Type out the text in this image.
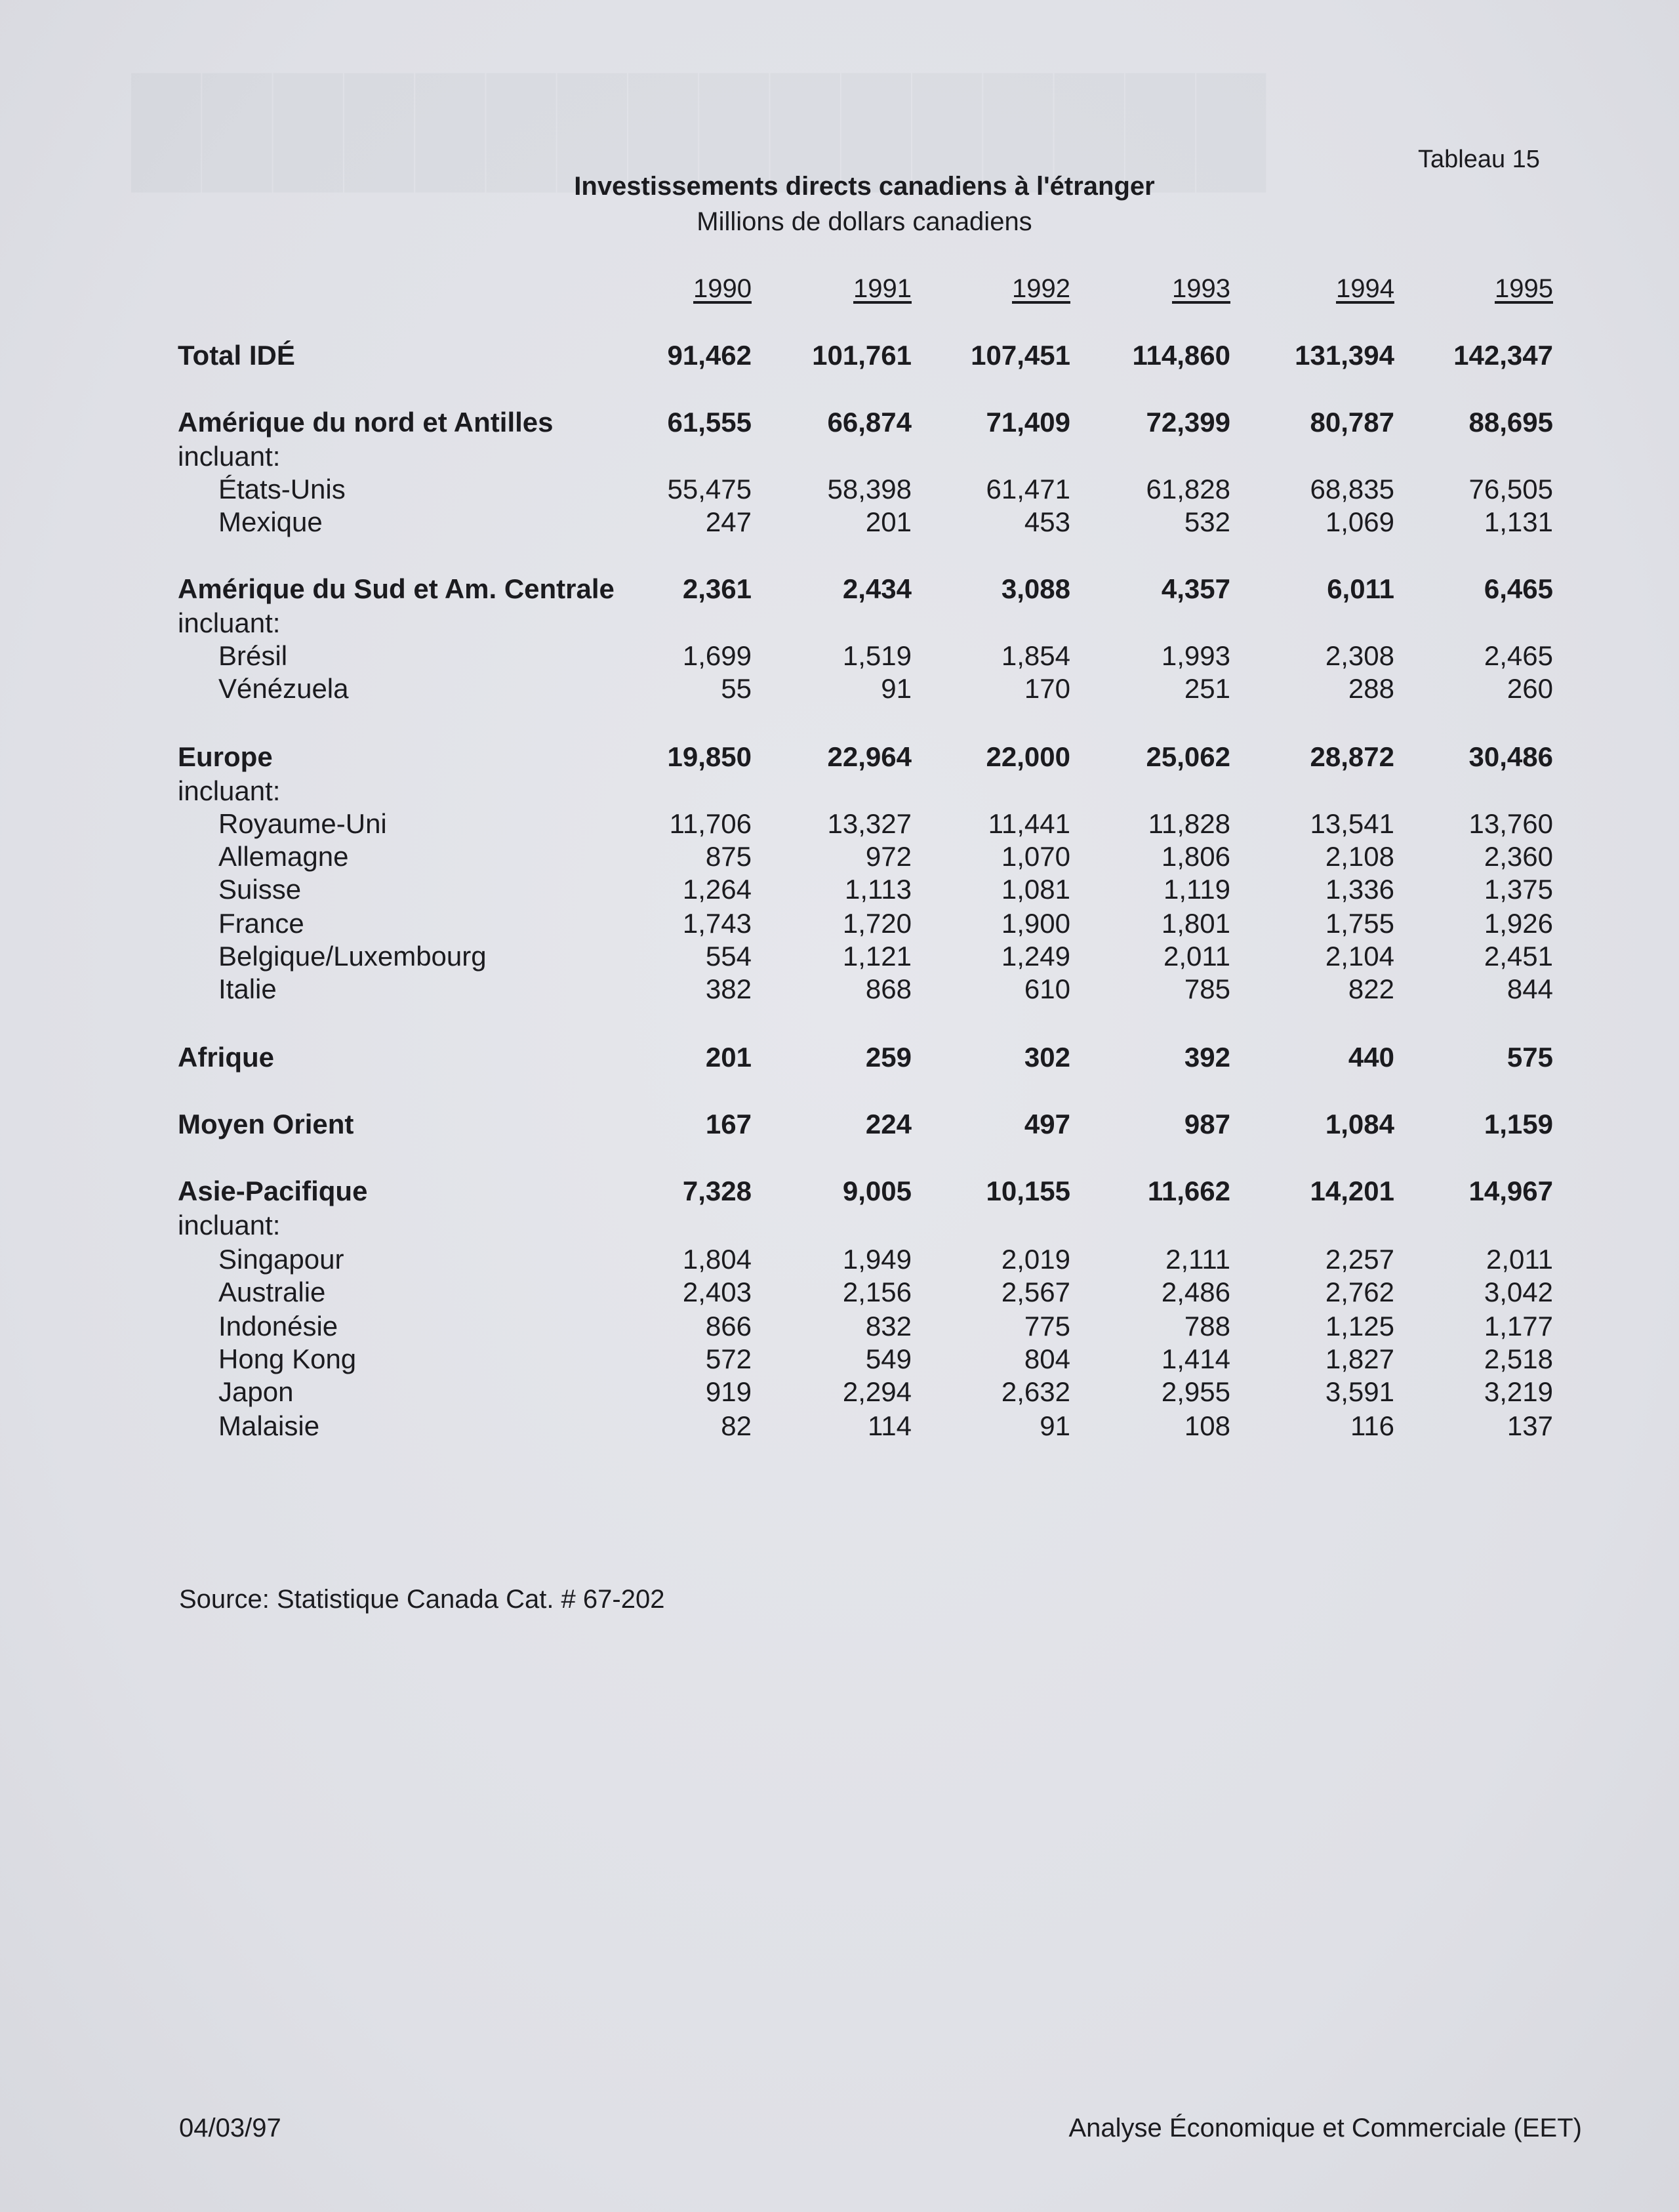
Tableau 15
Investissements directs canadiens à l'étranger
Millions de dollars canadiens
1990	1991	1992	1993	1994	1995
Total IDÉ	91,462	101,761	107,451	114,860	131,394	142,347
Amérique du nord et Antilles	61,555	66,874	71,409	72,399	80,787	88,695
incluant:
États-Unis	55,475	58,398	61,471	61,828	68,835	76,505
Mexique	247	201	453	532	1,069	1,131
Amérique du Sud et Am. Centrale	2,361	2,434	3,088	4,357	6,011	6,465
incluant:
Brésil	1,699	1,519	1,854	1,993	2,308	2,465
Vénézuela	55	91	170	251	288	260
Europe	19,850	22,964	22,000	25,062	28,872	30,486
incluant:
Royaume-Uni	11,706	13,327	11,441	11,828	13,541	13,760
Allemagne	875	972	1,070	1,806	2,108	2,360
Suisse	1,264	1,113	1,081	1,119	1,336	1,375
France	1,743	1,720	1,900	1,801	1,755	1,926
Belgique/Luxembourg	554	1,121	1,249	2,011	2,104	2,451
Italie	382	868	610	785	822	844
Afrique	201	259	302	392	440	575
Moyen Orient	167	224	497	987	1,084	1,159
Asie-Pacifique	7,328	9,005	10,155	11,662	14,201	14,967
incluant:
Singapour	1,804	1,949	2,019	2,111	2,257	2,011
Australie	2,403	2,156	2,567	2,486	2,762	3,042
Indonésie	866	832	775	788	1,125	1,177
Hong Kong	572	549	804	1,414	1,827	2,518
Japon	919	2,294	2,632	2,955	3,591	3,219
Malaisie	82	114	91	108	116	137
Source: Statistique Canada Cat. # 67-202
04/03/97	Analyse Économique et Commerciale (EET)
